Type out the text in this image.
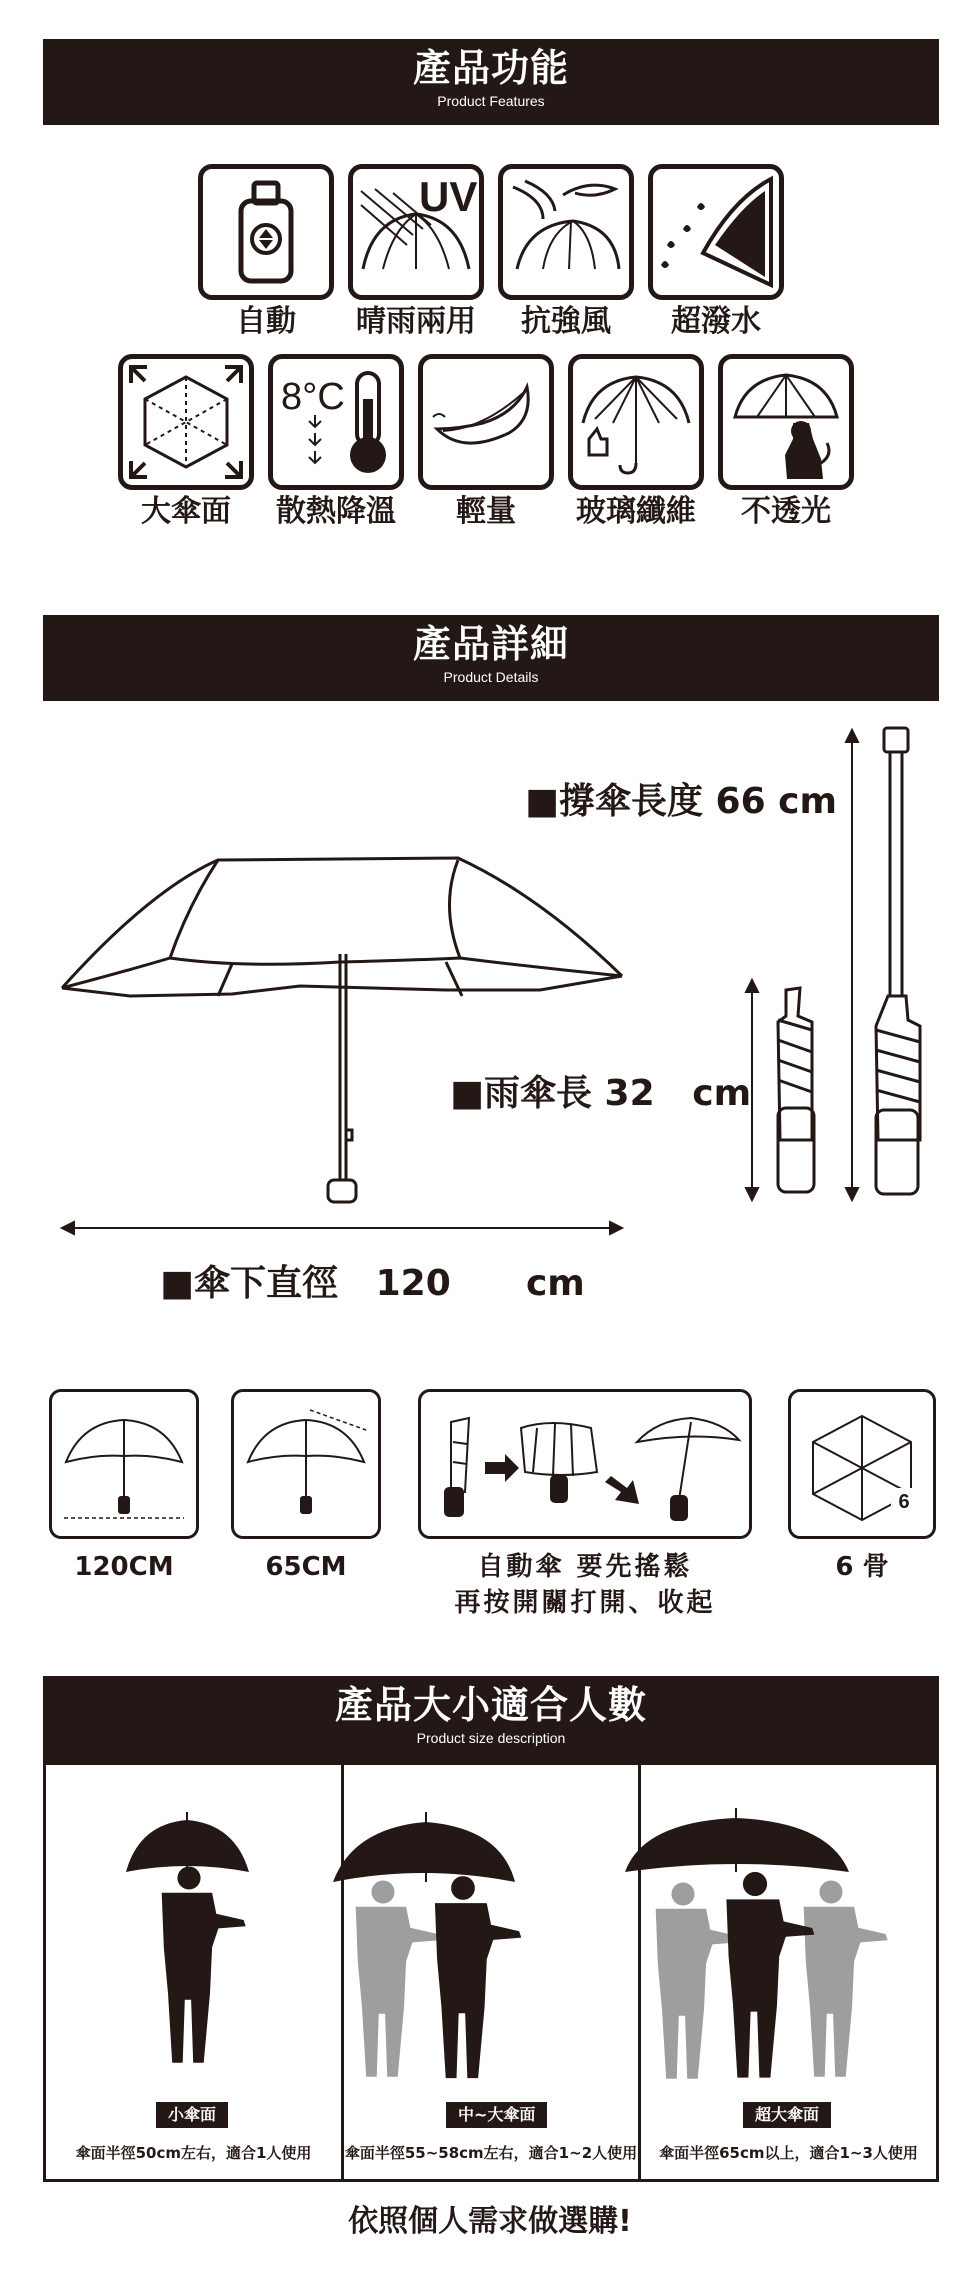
產品功能
Product Features
UV
自動	晴雨兩用	抗強風	超潑水
8°C
大傘面	散熱降溫	輕量	玻璃纖維	不透光
產品詳細
Product Details
■撐傘長度 66 cm
■雨傘長 32   cm
■傘下直徑   120      cm
6
120CM	65CM	自動傘 要先搖鬆
再按開關打開、收起
6 骨
產品大小適合人數
Product size description
小傘面	中~大傘面	超大傘面
傘面半徑50cm左右，適合1人使用	傘面半徑55~58cm左右，適合1~2人使用	傘面半徑65cm以上，適合1~3人使用
依照個人需求做選購!
